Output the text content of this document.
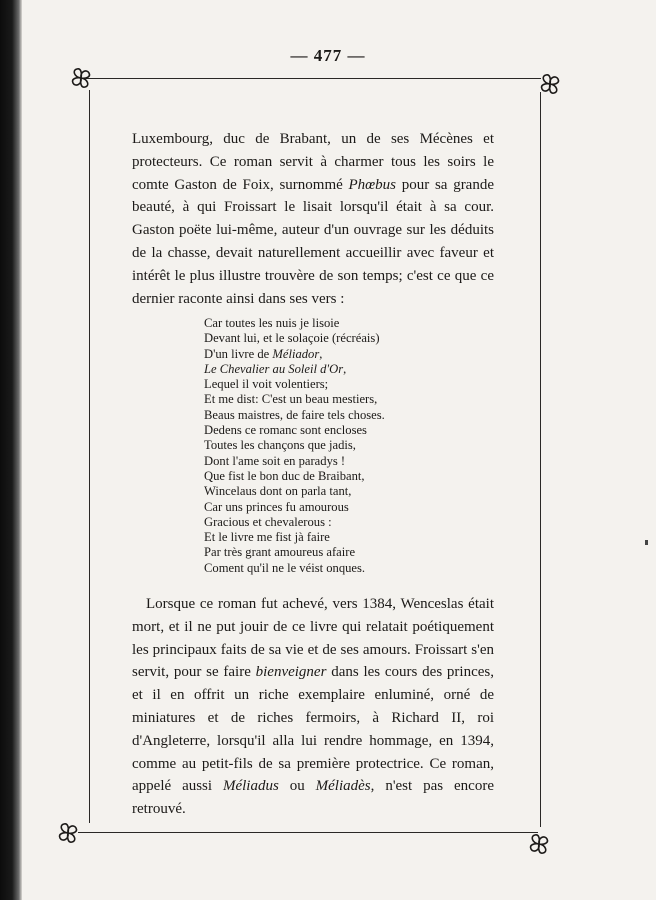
— 477 —

Luxembourg, duc de Brabant, un de ses Mécènes et protecteurs. Ce roman servit à charmer tous les soirs le comte Gaston de Foix, surnommé Phœbus pour sa grande beauté, à qui Froissart le lisait lorsqu'il était à sa cour. Gaston poëte lui-même, auteur d'un ouvrage sur les déduits de la chasse, devait naturellement accueillir avec faveur et intérêt le plus illustre trouvère de son temps; c'est ce que ce dernier raconte ainsi dans ses vers :

Car toutes les nuis je lisoie
Devant lui, et le solaçoie (récréais)
D'un livre de Méliador,
Le Chevalier au Soleil d'Or,
Lequel il voit volentiers;
Et me dist: C'est un beau mestiers,
Beaus maistres, de faire tels choses.
Dedens ce romanc sont encloses
Toutes les chançons que jadis,
Dont l'ame soit en paradys !
Que fist le bon duc de Braibant,
Wincelaus dont on parla tant,
Car uns princes fu amourous
Gracious et chevalerous :
Et le livre me fist jà faire
Par très grant amoureus afaire
Coment qu'il ne le véist onques.

Lorsque ce roman fut achevé, vers 1384, Wenceslas était mort, et il ne put jouir de ce livre qui relatait poétiquement les principaux faits de sa vie et de ses amours. Froissart s'en servit, pour se faire bienveigner dans les cours des princes, et il en offrit un riche exemplaire enluminé, orné de miniatures et de riches fermoirs, à Richard II, roi d'Angleterre, lorsqu'il alla lui rendre hommage, en 1394, comme au petit-fils de sa première protectrice. Ce roman, appelé aussi Méliadus ou Méliadès, n'est pas encore retrouvé.
